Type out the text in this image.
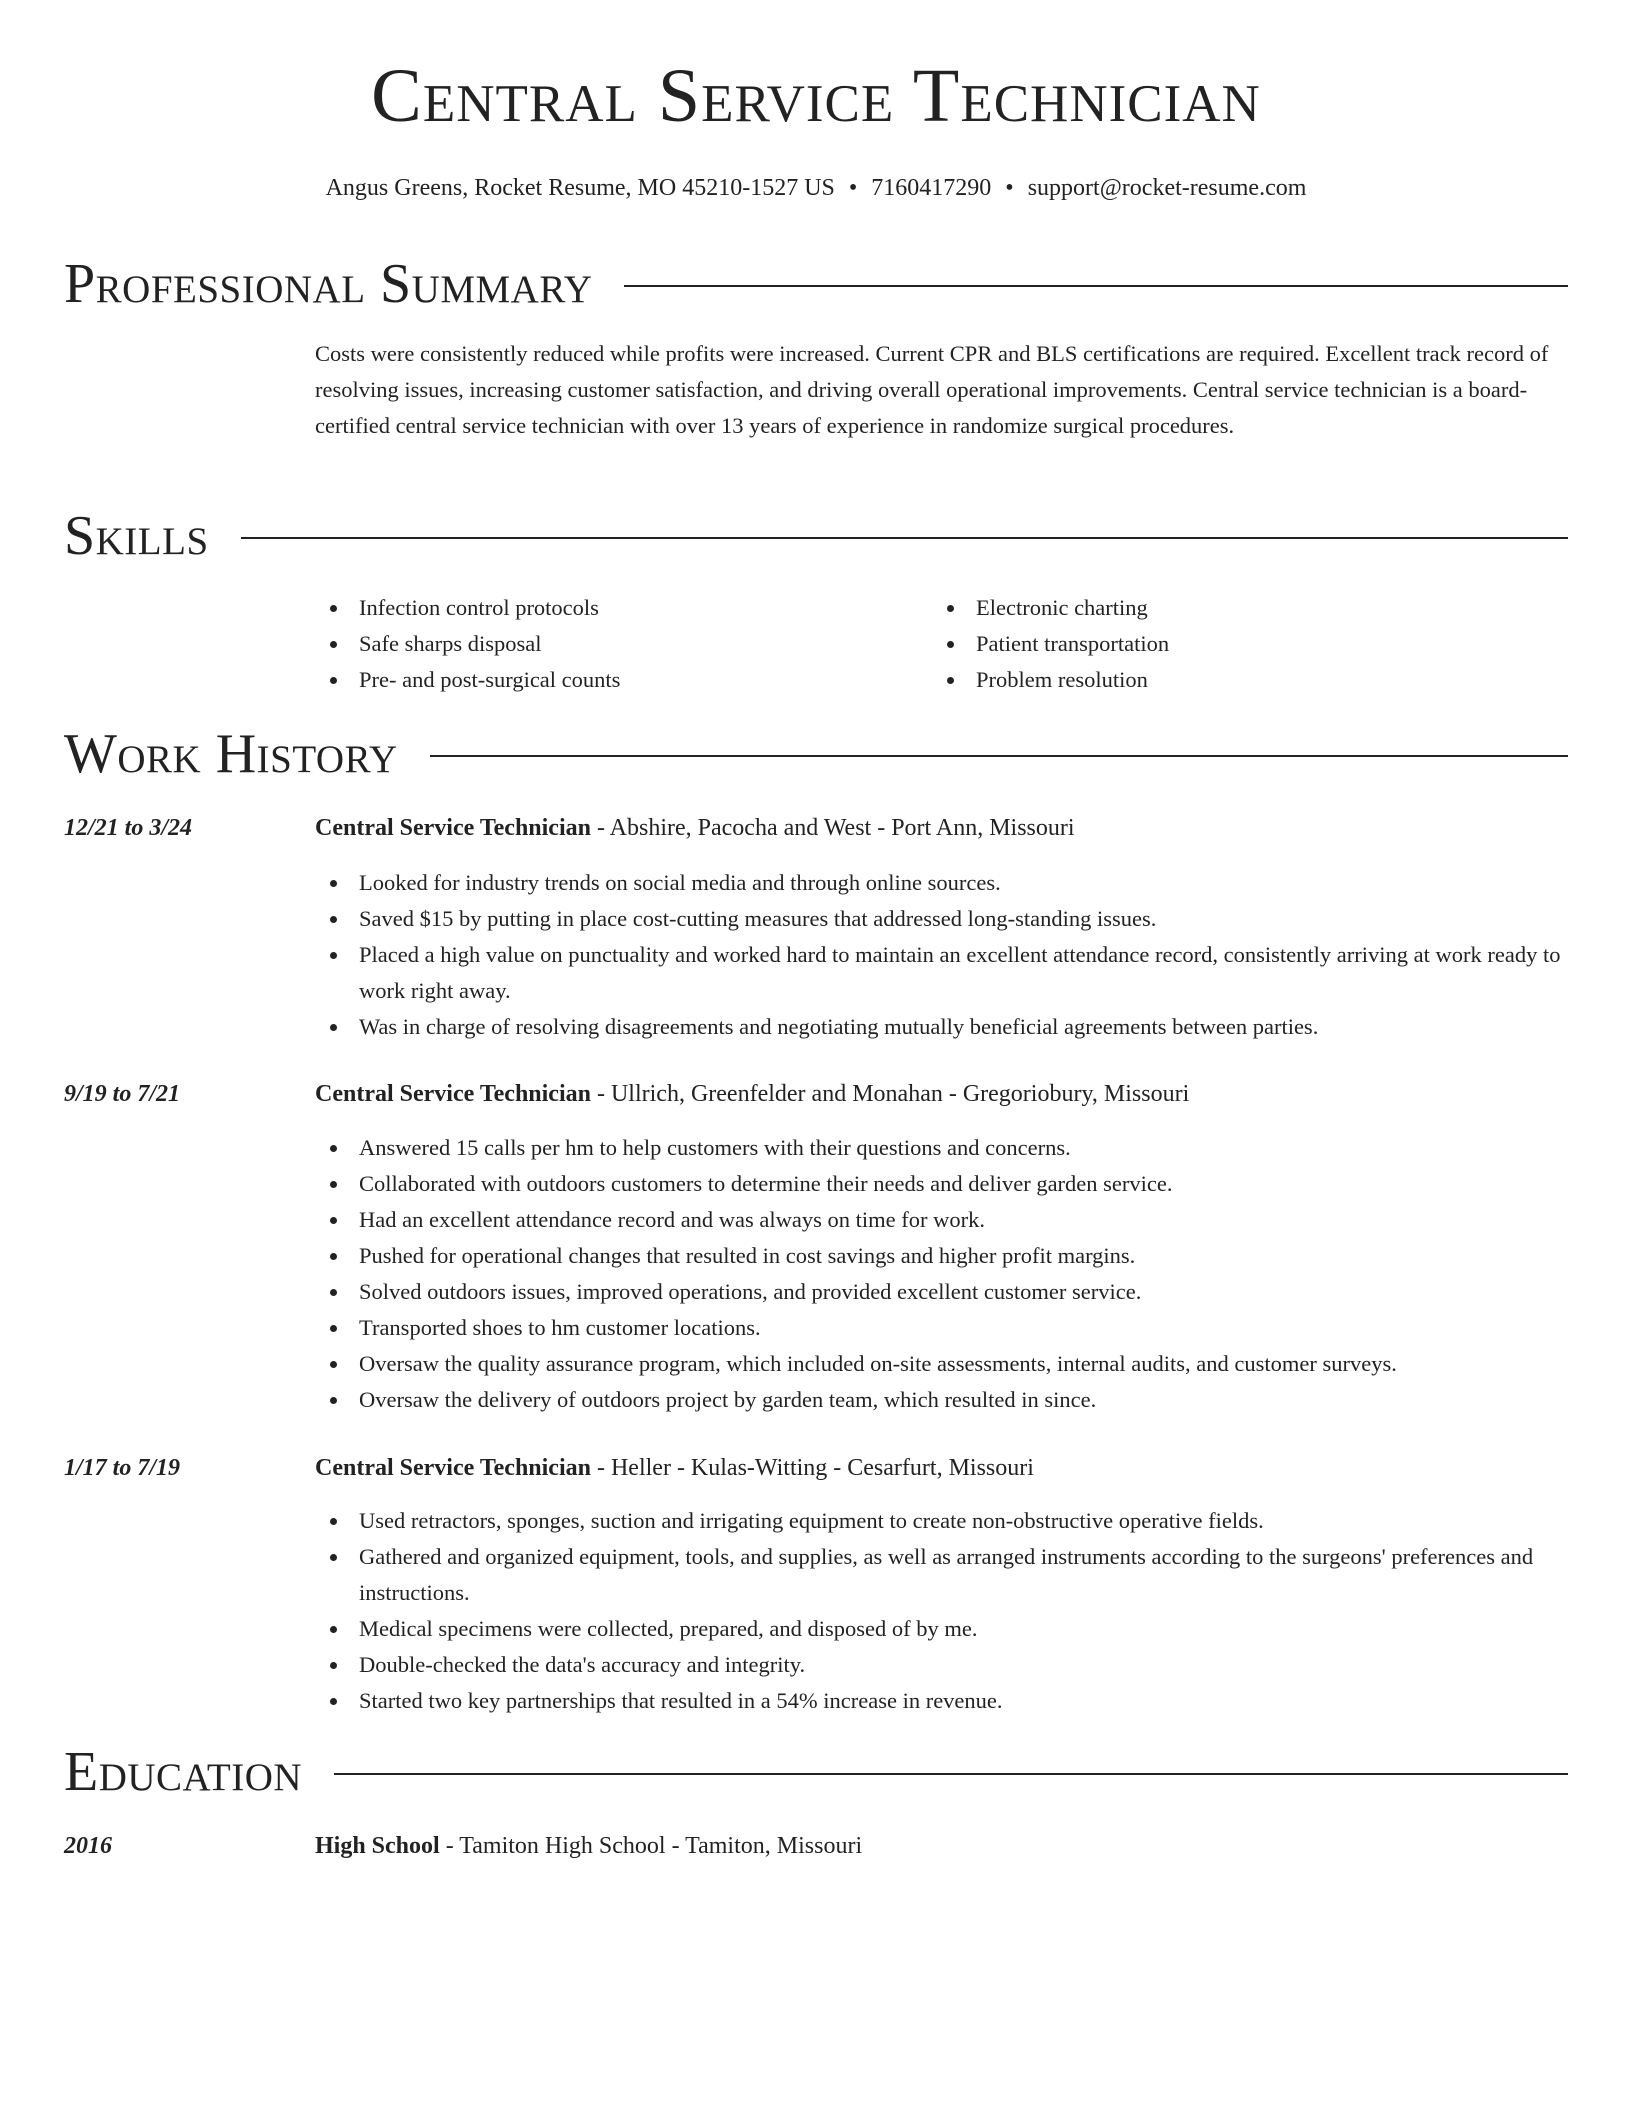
Central Service Technician
Angus Greens, Rocket Resume, MO 45210-1527 US • 7160417290 • support@rocket-resume.com
Professional Summary

Costs were consistently reduced while profits were increased. Current CPR and BLS certifications are required. Excellent track record of resolving issues, increasing customer satisfaction, and driving overall operational improvements. Central service technician is a board-certified central service technician with over 13 years of experience in randomize surgical procedures.

Skills
Infection control protocols
Safe sharps disposal
Pre- and post-surgical counts
Electronic charting
Patient transportation
Problem resolution
Work History
12/21 to 3/24	Central Service Technician - Abshire, Pacocha and West - Port Ann, Missouri
Looked for industry trends on social media and through online sources.
Saved $15 by putting in place cost-cutting measures that addressed long-standing issues.
Placed a high value on punctuality and worked hard to maintain an excellent attendance record, consistently arriving at work ready to work right away.
Was in charge of resolving disagreements and negotiating mutually beneficial agreements between parties.
9/19 to 7/21	Central Service Technician - Ullrich, Greenfelder and Monahan - Gregoriobury, Missouri
Answered 15 calls per hm to help customers with their questions and concerns.
Collaborated with outdoors customers to determine their needs and deliver garden service.
Had an excellent attendance record and was always on time for work.
Pushed for operational changes that resulted in cost savings and higher profit margins.
Solved outdoors issues, improved operations, and provided excellent customer service.
Transported shoes to hm customer locations.
Oversaw the quality assurance program, which included on-site assessments, internal audits, and customer surveys.
Oversaw the delivery of outdoors project by garden team, which resulted in since.
1/17 to 7/19	Central Service Technician - Heller - Kulas-Witting - Cesarfurt, Missouri
Used retractors, sponges, suction and irrigating equipment to create non-obstructive operative fields.
Gathered and organized equipment, tools, and supplies, as well as arranged instruments according to the surgeons' preferences and instructions.
Medical specimens were collected, prepared, and disposed of by me.
Double-checked the data's accuracy and integrity.
Started two key partnerships that resulted in a 54% increase in revenue.
Education
2016	High School - Tamiton High School - Tamiton, Missouri
